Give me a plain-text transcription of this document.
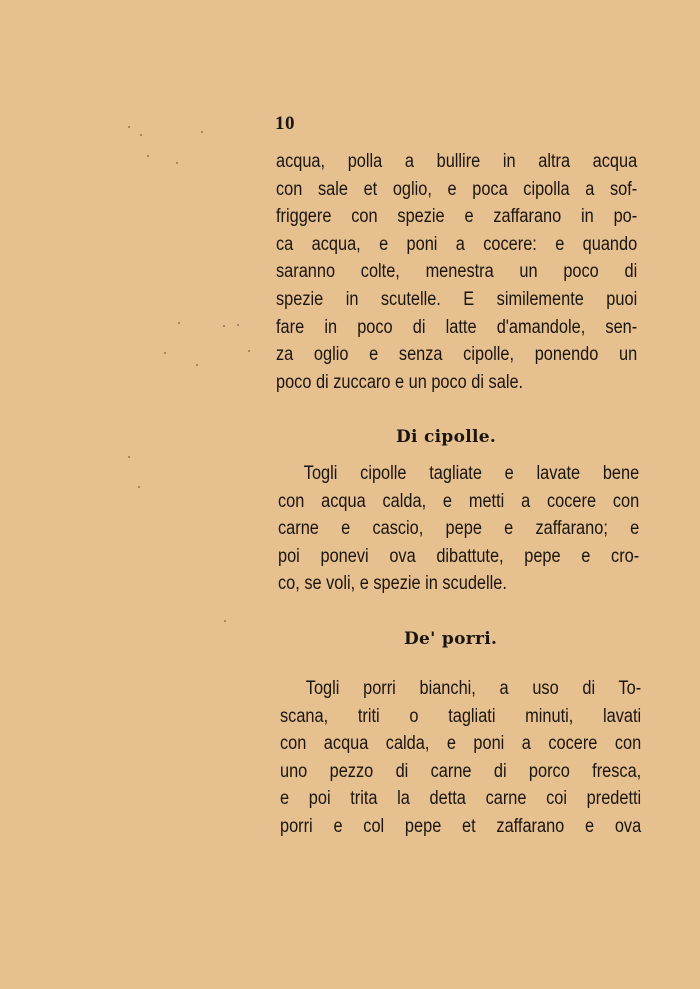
10
acqua, polla a bullire in altra acqua
con sale et oglio, e poca cipolla a sof-
friggere con spezie e zaffarano in po-
ca acqua, e poni a cocere: e quando
saranno colte, menestra un poco di
spezie in scutelle. E similemente puoi
fare in poco di latte d'amandole, sen-
za oglio e senza cipolle, ponendo un
poco di zuccaro e un poco di sale.
Di cipolle.
Togli cipolle tagliate e lavate bene
con acqua calda, e metti a cocere con
carne e cascio, pepe e zaffarano; e
poi ponevi ova dibattute, pepe e cro-
co, se voli, e spezie in scudelle.
De' porri.
Togli porri bianchi, a uso di To-
scana, triti o tagliati minuti, lavati
con acqua calda, e poni a cocere con
uno pezzo di carne di porco fresca,
e poi trita la detta carne coi predetti
porri e col pepe et zaffarano e ova
